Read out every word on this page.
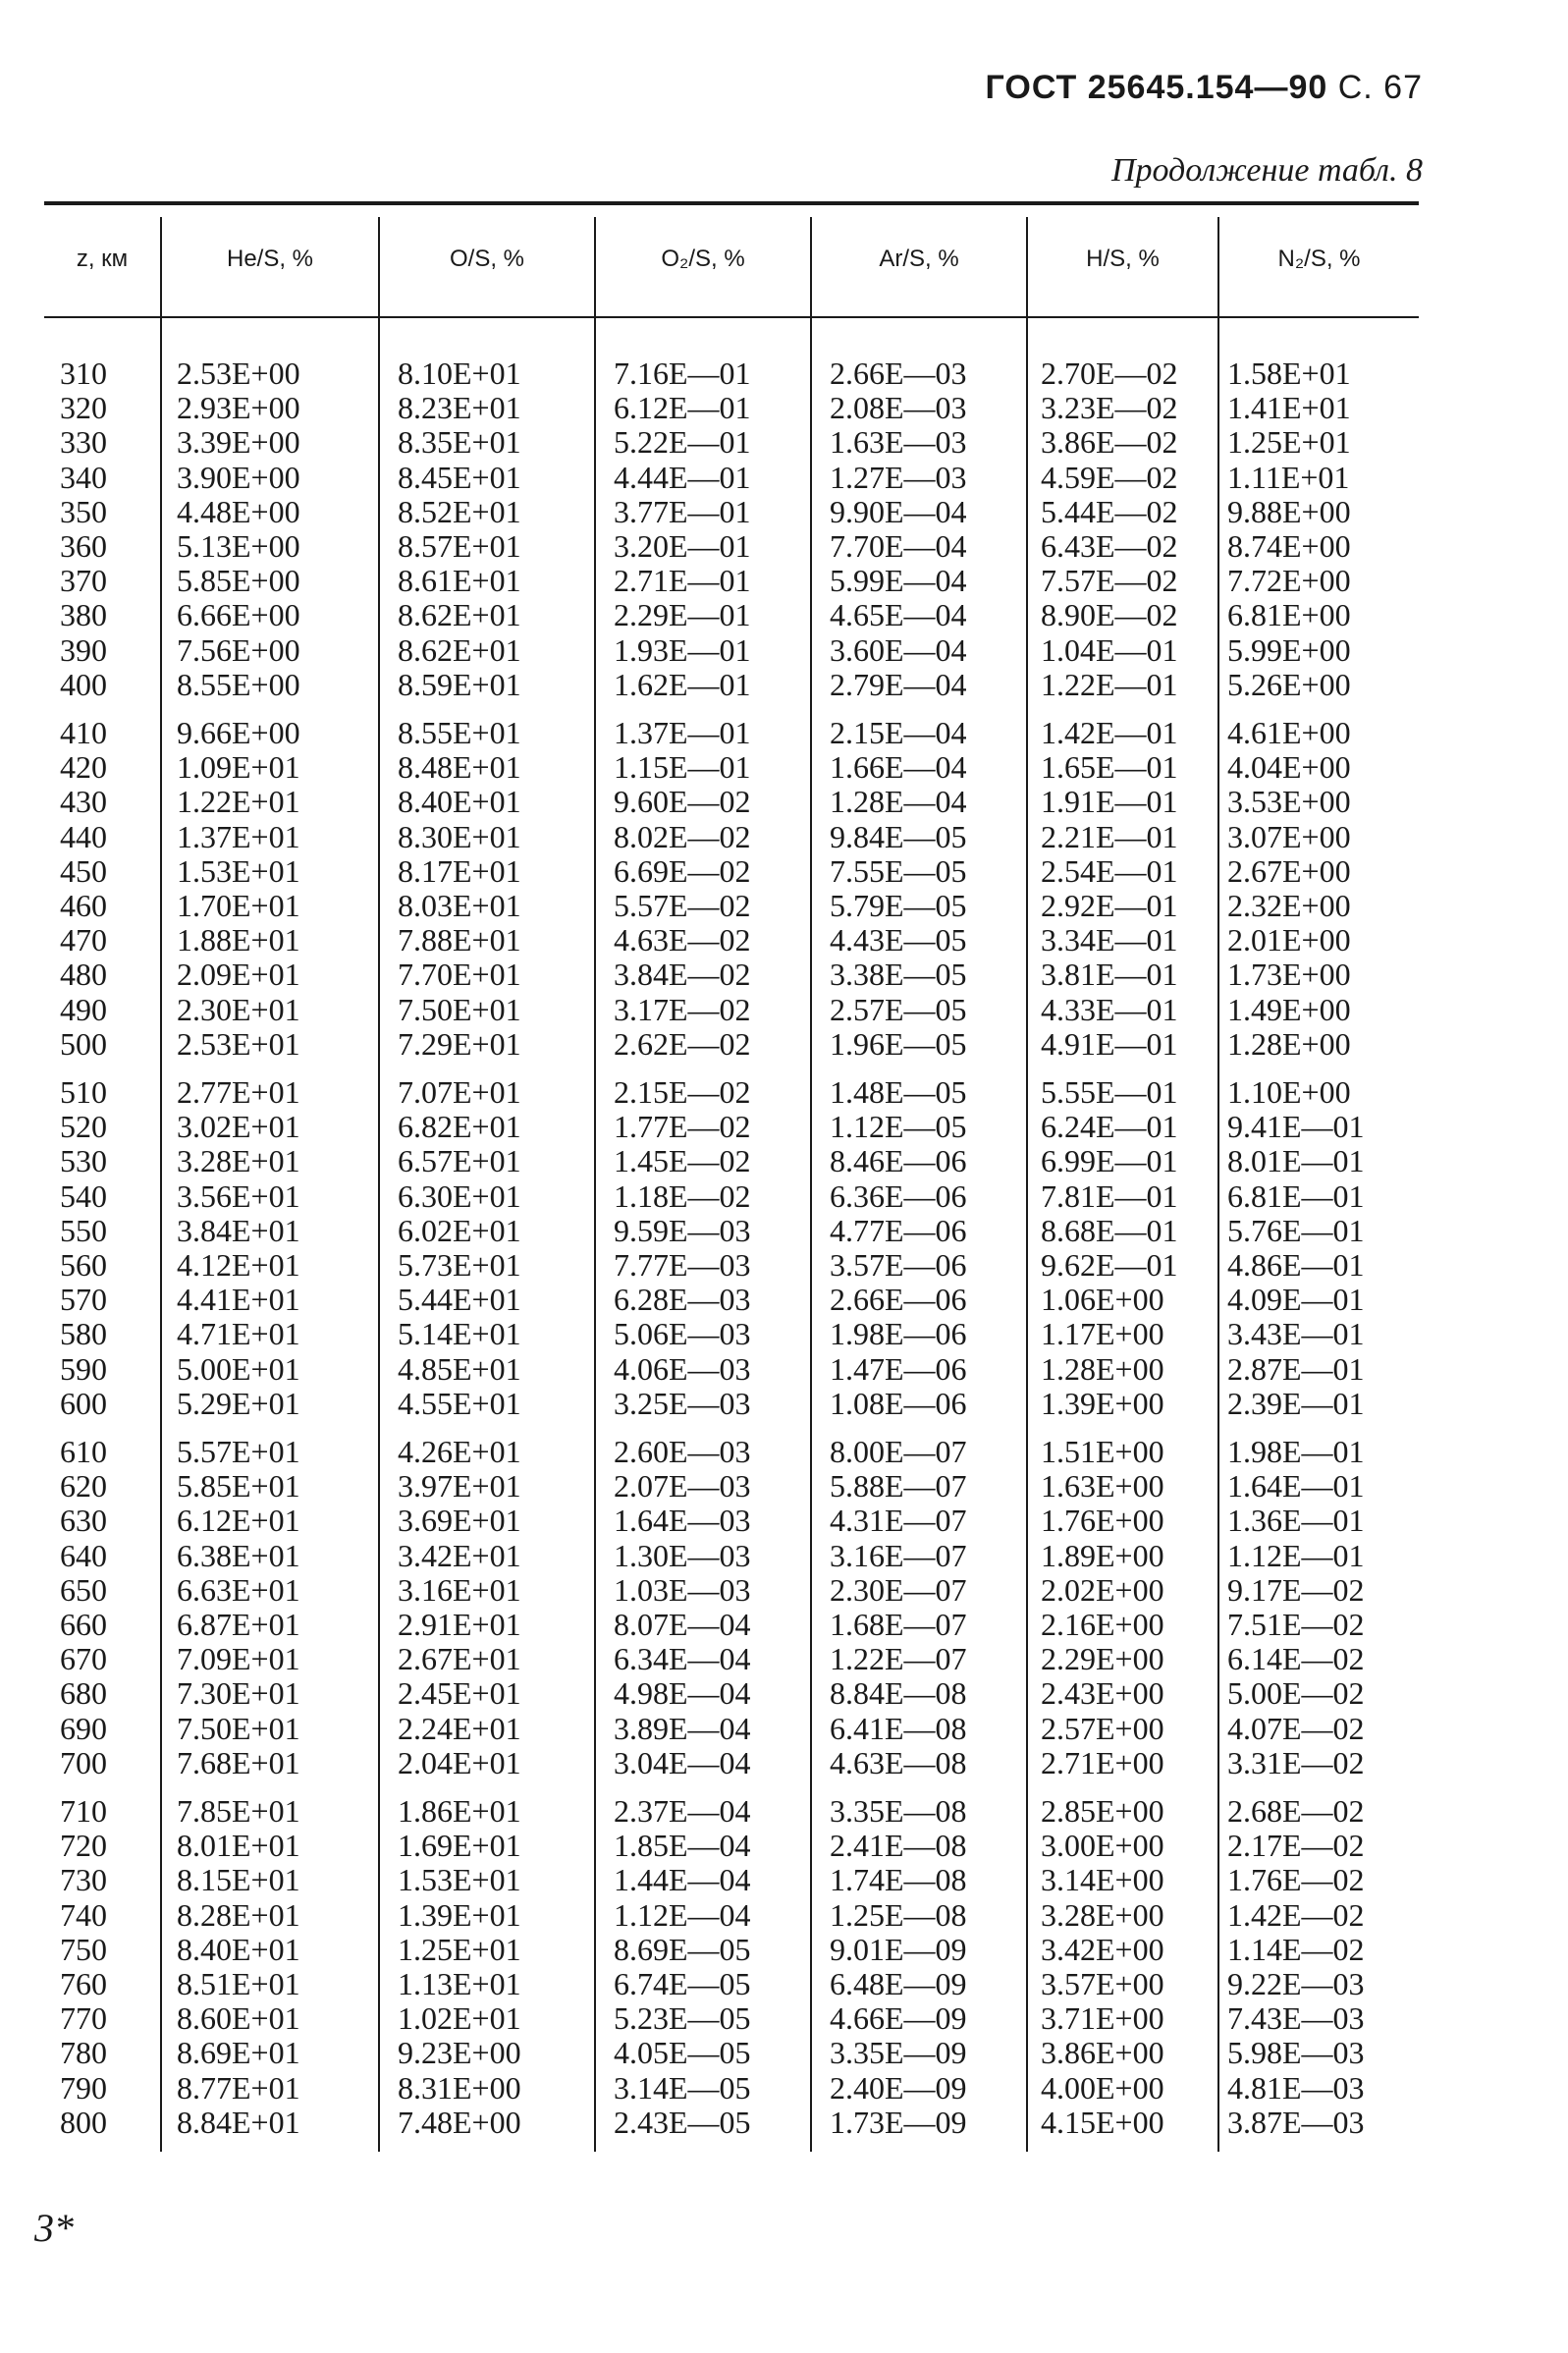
ГОСТ 25645.154—90 С. 67
Продолжение табл. 8
z, км	He/S, %	O/S, %	O₂/S, %	Ar/S, %	H/S, %	N₂/S, %
310	2.53E+00	8.10E+01	7.16E—01	2.66E—03 2.70E—02 1.58E+01
320	2.93E+00	8.23E+01	6.12E—01	2.08E—03 3.23E—02 1.41E+01
330	3.39E+00	8.35E+01	5.22E—01	1.63E—03 3.86E—02 1.25E+01
340	3.90E+00	8.45E+01	4.44E—01	1.27E—03 4.59E—02 1.11E+01
350	4.48E+00	8.52E+01	3.77E—01	9.90E—04 5.44E—02 9.88E+00
360	5.13E+00	8.57E+01	3.20E—01	7.70E—04 6.43E—02 8.74E+00
370	5.85E+00	8.61E+01	2.71E—01	5.99E—04 7.57E—02 7.72E+00
380	6.66E+00	8.62E+01	2.29E—01	4.65E—04 8.90E—02 6.81E+00
390	7.56E+00	8.62E+01	1.93E—01	3.60E—04 1.04E—01 5.99E+00
400	8.55E+00	8.59E+01	1.62E—01	2.79E—04 1.22E—01 5.26E+00
410	9.66E+00	8.55E+01	1.37E—01	2.15E—04 1.42E—01 4.61E+00
420	1.09E+01	8.48E+01	1.15E—01	1.66E—04 1.65E—01 4.04E+00
430	1.22E+01	8.40E+01	9.60E—02	1.28E—04 1.91E—01 3.53E+00
440	1.37E+01	8.30E+01	8.02E—02	9.84E—05 2.21E—01 3.07E+00
450	1.53E+01	8.17E+01	6.69E—02	7.55E—05 2.54E—01 2.67E+00
460	1.70E+01	8.03E+01	5.57E—02	5.79E—05 2.92E—01 2.32E+00
470	1.88E+01	7.88E+01	4.63E—02	4.43E—05 3.34E—01 2.01E+00
480	2.09E+01	7.70E+01	3.84E—02	3.38E—05 3.81E—01 1.73E+00
490	2.30E+01	7.50E+01	3.17E—02	2.57E—05 4.33E—01 1.49E+00
500	2.53E+01	7.29E+01	2.62E—02	1.96E—05 4.91E—01 1.28E+00
510	2.77E+01	7.07E+01	2.15E—02	1.48E—05 5.55E—01 1.10E+00
520	3.02E+01	6.82E+01	1.77E—02	1.12E—05 6.24E—01 9.41E—01
530	3.28E+01	6.57E+01	1.45E—02	8.46E—06 6.99E—01 8.01E—01
540	3.56E+01	6.30E+01	1.18E—02	6.36E—06 7.81E—01 6.81E—01
550	3.84E+01	6.02E+01	9.59E—03	4.77E—06 8.68E—01 5.76E—01
560	4.12E+01	5.73E+01	7.77E—03	3.57E—06 9.62E—01 4.86E—01
570	4.41E+01	5.44E+01	6.28E—03	2.66E—06 1.06E+00 4.09E—01
580	4.71E+01	5.14E+01	5.06E—03	1.98E—06 1.17E+00 3.43E—01
590	5.00E+01	4.85E+01	4.06E—03	1.47E—06 1.28E+00 2.87E—01
600	5.29E+01	4.55E+01	3.25E—03	1.08E—06 1.39E+00 2.39E—01
610	5.57E+01	4.26E+01	2.60E—03	8.00E—07 1.51E+00 1.98E—01
620	5.85E+01	3.97E+01	2.07E—03	5.88E—07 1.63E+00 1.64E—01
630	6.12E+01	3.69E+01	1.64E—03	4.31E—07 1.76E+00 1.36E—01
640	6.38E+01	3.42E+01	1.30E—03	3.16E—07 1.89E+00 1.12E—01
650	6.63E+01	3.16E+01	1.03E—03	2.30E—07 2.02E+00 9.17E—02
660	6.87E+01	2.91E+01	8.07E—04	1.68E—07 2.16E+00 7.51E—02
670	7.09E+01	2.67E+01	6.34E—04	1.22E—07 2.29E+00 6.14E—02
680	7.30E+01	2.45E+01	4.98E—04	8.84E—08 2.43E+00 5.00E—02
690	7.50E+01	2.24E+01	3.89E—04	6.41E—08 2.57E+00 4.07E—02
700	7.68E+01	2.04E+01	3.04E—04	4.63E—08 2.71E+00 3.31E—02
710	7.85E+01	1.86E+01	2.37E—04	3.35E—08 2.85E+00 2.68E—02
720	8.01E+01	1.69E+01	1.85E—04	2.41E—08 3.00E+00 2.17E—02
730	8.15E+01	1.53E+01	1.44E—04	1.74E—08 3.14E+00 1.76E—02
740	8.28E+01	1.39E+01	1.12E—04	1.25E—08 3.28E+00 1.42E—02
750	8.40E+01	1.25E+01	8.69E—05	9.01E—09 3.42E+00 1.14E—02
760	8.51E+01	1.13E+01	6.74E—05	6.48E—09 3.57E+00 9.22E—03
770	8.60E+01	1.02E+01	5.23E—05	4.66E—09 3.71E+00 7.43E—03
780	8.69E+01	9.23E+00	4.05E—05	3.35E—09 3.86E+00 5.98E—03
790	8.77E+01	8.31E+00	3.14E—05	2.40E—09 4.00E+00 4.81E—03
800	8.84E+01	7.48E+00	2.43E—05	1.73E—09 4.15E+00 3.87E—03
3*
